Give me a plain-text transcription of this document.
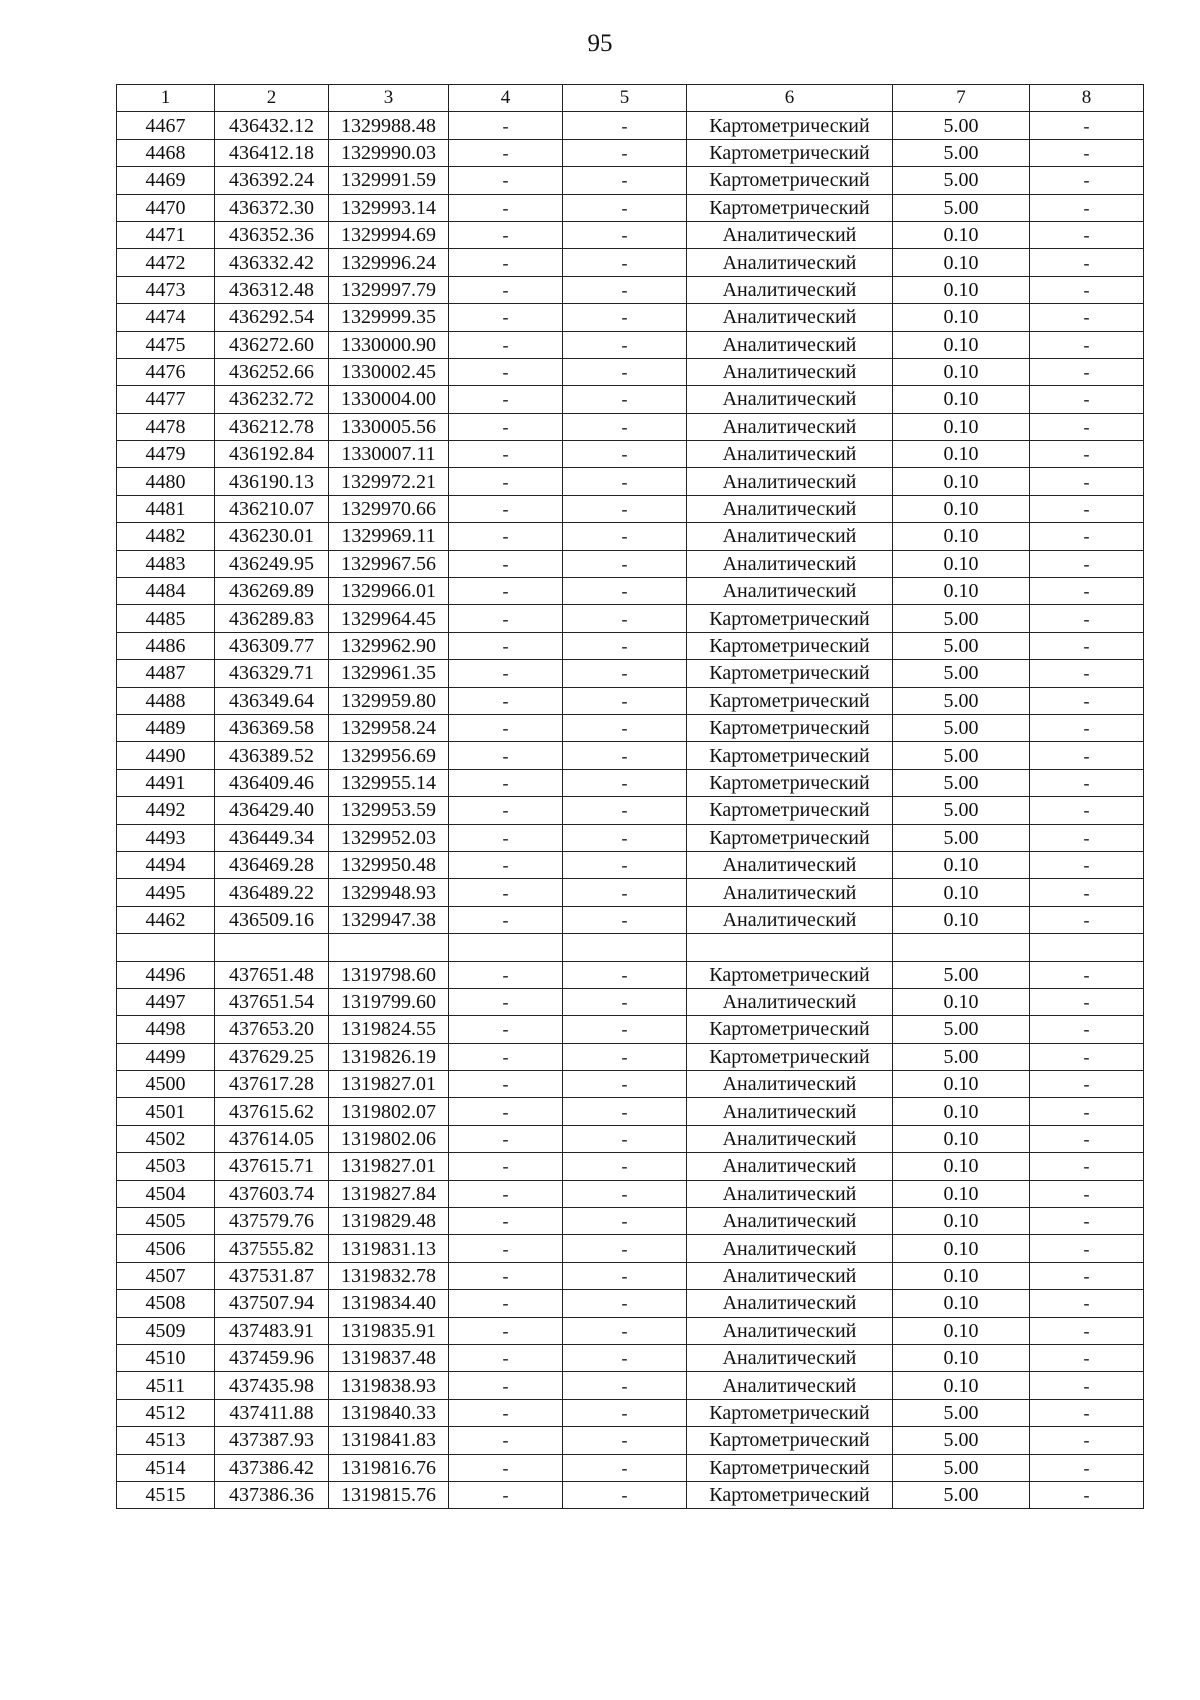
95
1	2	3	4	5	6	7	8
4467	436432.12	1329988.48	-	-	Картометрический	5.00	-
4468	436412.18	1329990.03	-	-	Картометрический	5.00	-
4469	436392.24	1329991.59	-	-	Картометрический	5.00	-
4470	436372.30	1329993.14	-	-	Картометрический	5.00	-
4471	436352.36	1329994.69	-	-	Аналитический	0.10	-
4472	436332.42	1329996.24	-	-	Аналитический	0.10	-
4473	436312.48	1329997.79	-	-	Аналитический	0.10	-
4474	436292.54	1329999.35	-	-	Аналитический	0.10	-
4475	436272.60	1330000.90	-	-	Аналитический	0.10	-
4476	436252.66	1330002.45	-	-	Аналитический	0.10	-
4477	436232.72	1330004.00	-	-	Аналитический	0.10	-
4478	436212.78	1330005.56	-	-	Аналитический	0.10	-
4479	436192.84	1330007.11	-	-	Аналитический	0.10	-
4480	436190.13	1329972.21	-	-	Аналитический	0.10	-
4481	436210.07	1329970.66	-	-	Аналитический	0.10	-
4482	436230.01	1329969.11	-	-	Аналитический	0.10	-
4483	436249.95	1329967.56	-	-	Аналитический	0.10	-
4484	436269.89	1329966.01	-	-	Аналитический	0.10	-
4485	436289.83	1329964.45	-	-	Картометрический	5.00	-
4486	436309.77	1329962.90	-	-	Картометрический	5.00	-
4487	436329.71	1329961.35	-	-	Картометрический	5.00	-
4488	436349.64	1329959.80	-	-	Картометрический	5.00	-
4489	436369.58	1329958.24	-	-	Картометрический	5.00	-
4490	436389.52	1329956.69	-	-	Картометрический	5.00	-
4491	436409.46	1329955.14	-	-	Картометрический	5.00	-
4492	436429.40	1329953.59	-	-	Картометрический	5.00	-
4493	436449.34	1329952.03	-	-	Картометрический	5.00	-
4494	436469.28	1329950.48	-	-	Аналитический	0.10	-
4495	436489.22	1329948.93	-	-	Аналитический	0.10	-
4462	436509.16	1329947.38	-	-	Аналитический	0.10	-

4496	437651.48	1319798.60	-	-	Картометрический	5.00	-
4497	437651.54	1319799.60	-	-	Аналитический	0.10	-
4498	437653.20	1319824.55	-	-	Картометрический	5.00	-
4499	437629.25	1319826.19	-	-	Картометрический	5.00	-
4500	437617.28	1319827.01	-	-	Аналитический	0.10	-
4501	437615.62	1319802.07	-	-	Аналитический	0.10	-
4502	437614.05	1319802.06	-	-	Аналитический	0.10	-
4503	437615.71	1319827.01	-	-	Аналитический	0.10	-
4504	437603.74	1319827.84	-	-	Аналитический	0.10	-
4505	437579.76	1319829.48	-	-	Аналитический	0.10	-
4506	437555.82	1319831.13	-	-	Аналитический	0.10	-
4507	437531.87	1319832.78	-	-	Аналитический	0.10	-
4508	437507.94	1319834.40	-	-	Аналитический	0.10	-
4509	437483.91	1319835.91	-	-	Аналитический	0.10	-
4510	437459.96	1319837.48	-	-	Аналитический	0.10	-
4511	437435.98	1319838.93	-	-	Аналитический	0.10	-
4512	437411.88	1319840.33	-	-	Картометрический	5.00	-
4513	437387.93	1319841.83	-	-	Картометрический	5.00	-
4514	437386.42	1319816.76	-	-	Картометрический	5.00	-
4515	437386.36	1319815.76	-	-	Картометрический	5.00	-
